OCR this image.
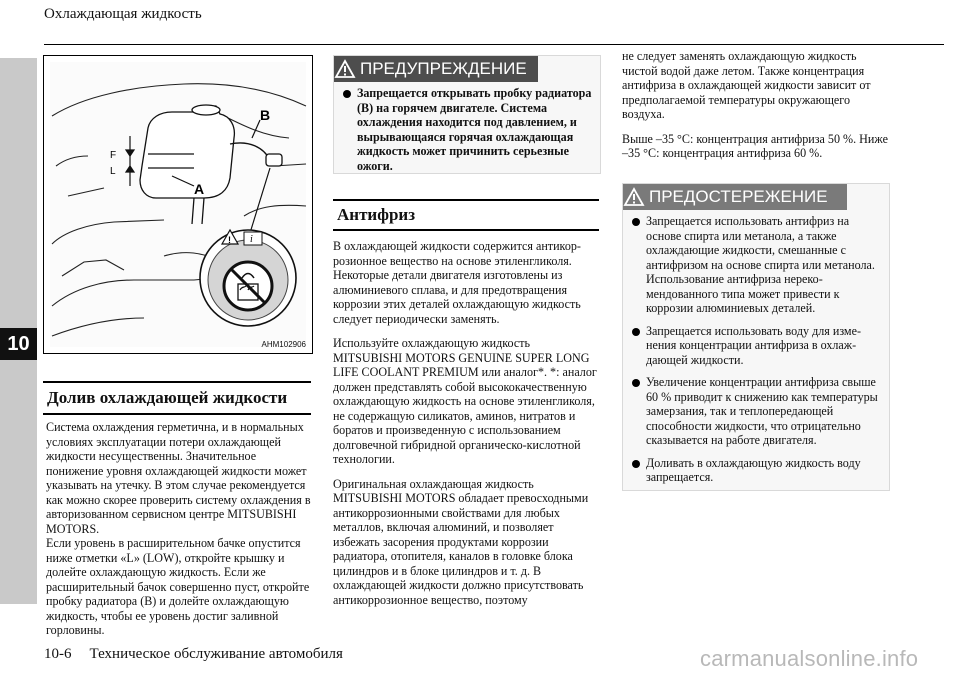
Охлаждающая жидкость
10
F
L
A
B
! i
AHM102906
Долив охлаждающей жидкости

Система охлаждения герметична, и в нормальных условиях эксплуатации потери охлаждающей жидкости несущественны. Значительное понижение уровня охлаждающей жидкости может указывать на утечку. В этом случае рекомендуется как можно скорее проверить систему охлаждения в авторизованном сервисном центре MITSUBISHI MOTORS.

Если уровень в расширительном бачке опустится ниже отметки «L» (LOW), откройте крышку и долейте охлаждающую жидкость. Если же расширительный бачок совершенно пуст, откройте пробку радиатора (B) и долейте охлаждающую жидкость, чтобы ее уровень достиг заливной горловины.

ПРЕДУПРЕЖДЕНИЕ
Запрещается открывать пробку радиатора (B) на горячем двигателе. Система охлаждения находится под давлением, и вырывающаяся горячая охлаждающая жидкость может причинить серьезные ожоги.
Антифриз

В охлаждающей жидкости содержится антикоррозионное вещество на основе этиленгликоля. Некоторые детали двигателя изготовлены из алюминиевого сплава, и для предотвращения коррозии этих деталей охлаждающую жидкость следует периодически заменять.

Используйте охлаждающую жидкость MITSUBISHI MOTORS GENUINE SUPER LONG LIFE COOLANT PREMIUM или аналог*. *: аналог должен представлять собой высококачественную охлаждающую жидкость на основе этиленгликоля, не содержащую силикатов, аминов, нитратов и боратов и произведенную с использованием долговечной гибридной органическо-кислотной технологии.

Оригинальная охлаждающая жидкость MITSUBISHI MOTORS обладает превосходными антикоррозионными свойствами для любых металлов, включая алюминий, и позволяет избежать засорения продуктами коррозии радиатора, отопителя, каналов в головке блока цилиндров и в блоке цилиндров и т. д. В охлаждающей жидкости должно присутствовать антикоррозионное вещество, поэтому

не следует заменять охлаждающую жидкость чистой водой даже летом. Также концентрация антифриза в охлаждающей жидкости зависит от предполагаемой температуры окружающего воздуха.

Выше –35 °C: концентрация антифриза 50 %. Ниже –35 °C: концентрация антифриза 60 %.

ПРЕДОСТЕРЕЖЕНИЕ
Запрещается использовать антифриз на основе спирта или метанола, а также охлаждающие жидкости, смешанные с антифризом на основе спирта или метанола. Использование антифриза нерекомендованного типа может привести к коррозии алюминиевых деталей.
Запрещается использовать воду для изменения концентрации антифриза в охлаждающей жидкости.
Увеличение концентрации антифриза свыше 60 % приводит к снижению как температуры замерзания, так и теплопередающей способности жидкости, что отрицательно сказывается на работе двигателя.
Доливать в охлаждающую жидкость воду запрещается.
10-6 Техническое обслуживание автомобиля	carmanualsonline.info
